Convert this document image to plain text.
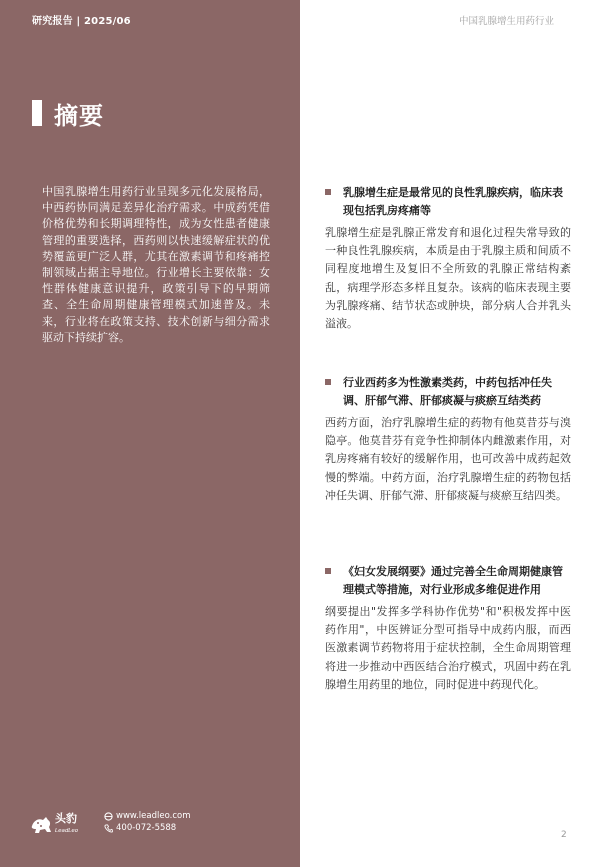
研究报告 | 2025/06
摘要
中国乳腺增生用药行业呈现多元化发展格局，中西药协同满足差异化治疗需求。中成药凭借价格优势和长期调理特性，成为女性患者健康管理的重要选择，西药则以快速缓解症状的优势覆盖更广泛人群，尤其在激素调节和疼痛控制领域占据主导地位。行业增长主要依靠：女性群体健康意识提升，政策引导下的早期筛查、全生命周期健康管理模式加速普及。未来，行业将在政策支持、技术创新与细分需求驱动下持续扩容。
头豹
LeadLeo
www.leadleo.com
400-072-5588
中国乳腺增生用药行业
乳腺增生症是最常见的良性乳腺疾病，临床表现包括乳房疼痛等
乳腺增生症是乳腺正常发育和退化过程失常导致的一种良性乳腺疾病，本质是由于乳腺主质和间质不同程度地增生及复旧不全所致的乳腺正常结构紊乱，病理学形态多样且复杂。该病的临床表现主要为乳腺疼痛、结节状态或肿块，部分病人合并乳头溢液。
行业西药多为性激素类药，中药包括冲任失调、肝郁气滞、肝郁痰凝与痰瘀互结类药
西药方面，治疗乳腺增生症的药物有他莫昔芬与溴隐亭。他莫昔芬有竞争性抑制体内雌激素作用，对乳房疼痛有较好的缓解作用，也可改善中成药起效慢的弊端。中药方面，治疗乳腺增生症的药物包括冲任失调、肝郁气滞、肝郁痰凝与痰瘀互结四类。
《妇女发展纲要》通过完善全生命周期健康管理模式等措施，对行业形成多维促进作用
纲要提出"发挥多学科协作优势"和"积极发挥中医药作用"，中医辨证分型可指导中成药内服，而西医激素调节药物将用于症状控制，全生命周期管理将进一步推动中西医结合治疗模式，巩固中药在乳腺增生用药里的地位，同时促进中药现代化。
2
